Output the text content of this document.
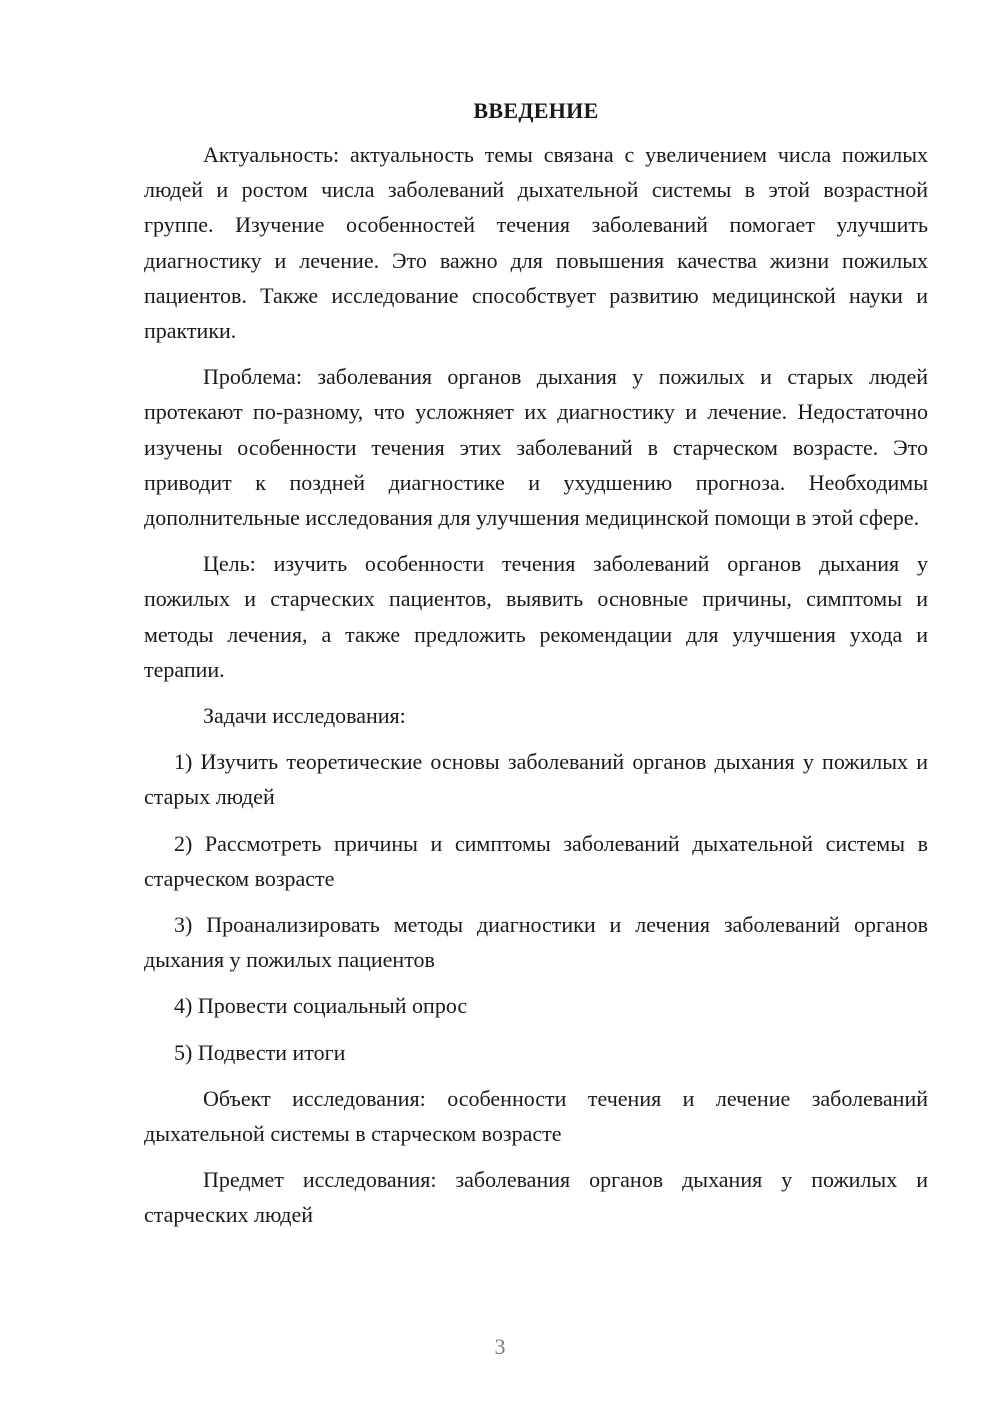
ВВЕДЕНИЕ

Актуальность: актуальность темы связана с увеличением числа пожилых людей и ростом числа заболеваний дыхательной системы в этой возрастной группе. Изучение особенностей течения заболеваний помогает улучшить диагностику и лечение. Это важно для повышения качества жизни пожилых пациентов. Также исследование способствует развитию медицинской науки и практики.

Проблема: заболевания органов дыхания у пожилых и старых людей протекают по-разному, что усложняет их диагностику и лечение. Недостаточно изучены особенности течения этих заболеваний в старческом возрасте. Это приводит к поздней диагностике и ухудшению прогноза. Необходимы дополнительные исследования для улучшения медицинской помощи в этой сфере.

Цель: изучить особенности течения заболеваний органов дыхания у пожилых и старческих пациентов, выявить основные причины, симптомы и методы лечения, а также предложить рекомендации для улучшения ухода и терапии.

Задачи исследования:

1) Изучить теоретические основы заболеваний органов дыхания у пожилых и старых людей

2) Рассмотреть причины и симптомы заболеваний дыхательной системы в старческом возрасте

3) Проанализировать методы диагностики и лечения заболеваний органов дыхания у пожилых пациентов

4) Провести социальный опрос

5) Подвести итоги

Объект исследования: особенности течения и лечение заболеваний дыхательной системы в старческом возрасте

Предмет исследования: заболевания органов дыхания у пожилых и старческих людей

3
